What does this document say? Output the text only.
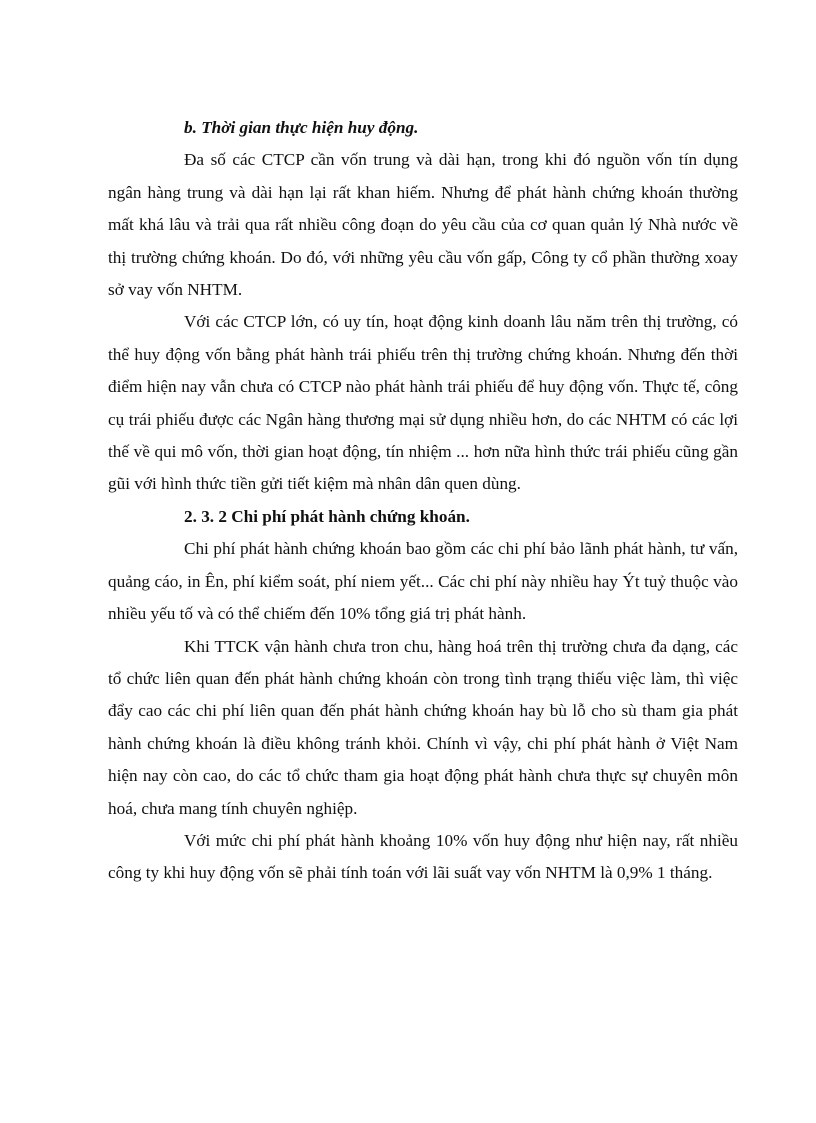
b. Thời gian thực hiện huy động.

Đa số các CTCP cần vốn trung và dài hạn, trong khi đó nguồn vốn tín dụng ngân hàng trung và dài hạn lại rất khan hiếm. Nhưng để phát hành chứng khoán thường mất khá lâu và trải qua rất nhiều công đoạn do yêu cầu của cơ quan quản lý Nhà nước về thị trường chứng khoán. Do đó, với những yêu cầu vốn gấp, Công ty cổ phần thường xoay sở vay vốn NHTM.

Với các CTCP lớn, có uy tín, hoạt động kinh doanh lâu năm trên thị trường, có thể huy động vốn bằng phát hành trái phiếu trên thị trường chứng khoán. Nhưng đến thời điểm hiện nay vẫn chưa có CTCP nào phát hành trái phiếu để huy động vốn. Thực tế, công cụ trái phiếu được các Ngân hàng thương mại sử dụng nhiều hơn, do các NHTM có các lợi thế về qui mô vốn, thời gian hoạt động, tín nhiệm ... hơn nữa hình thức trái phiếu cũng gần gũi với hình thức tiền gửi tiết kiệm mà nhân dân quen dùng.

2. 3. 2 Chi phí phát hành chứng khoán.

Chi phí phát hành chứng khoán bao gồm các chi phí bảo lãnh phát hành, tư vấn, quảng cáo, in Ên, phí kiểm soát, phí niem yết... Các chi phí này nhiều hay Ýt tuỷ thuộc vào nhiều yếu tố và có thể chiếm đến 10% tổng giá trị phát hành.

Khi TTCK vận hành chưa tron chu, hàng hoá trên thị trường chưa đa dạng, các tổ chức liên quan đến phát hành chứng khoán còn trong tình trạng thiếu việc làm, thì việc đẩy cao các chi phí liên quan đến phát hành chứng khoán hay bù lỗ cho sù tham gia phát hành chứng khoán là điều không tránh khỏi. Chính vì vậy, chi phí phát hành ở Việt Nam hiện nay còn cao, do các tổ chức tham gia hoạt động phát hành chưa thực sự chuyên môn hoá, chưa mang tính chuyên nghiệp.

Với mức chi phí phát hành khoảng 10% vốn huy động như hiện nay, rất nhiều công ty khi huy động vốn sẽ phải tính toán với lãi suất vay vốn NHTM là 0,9% 1 tháng.
